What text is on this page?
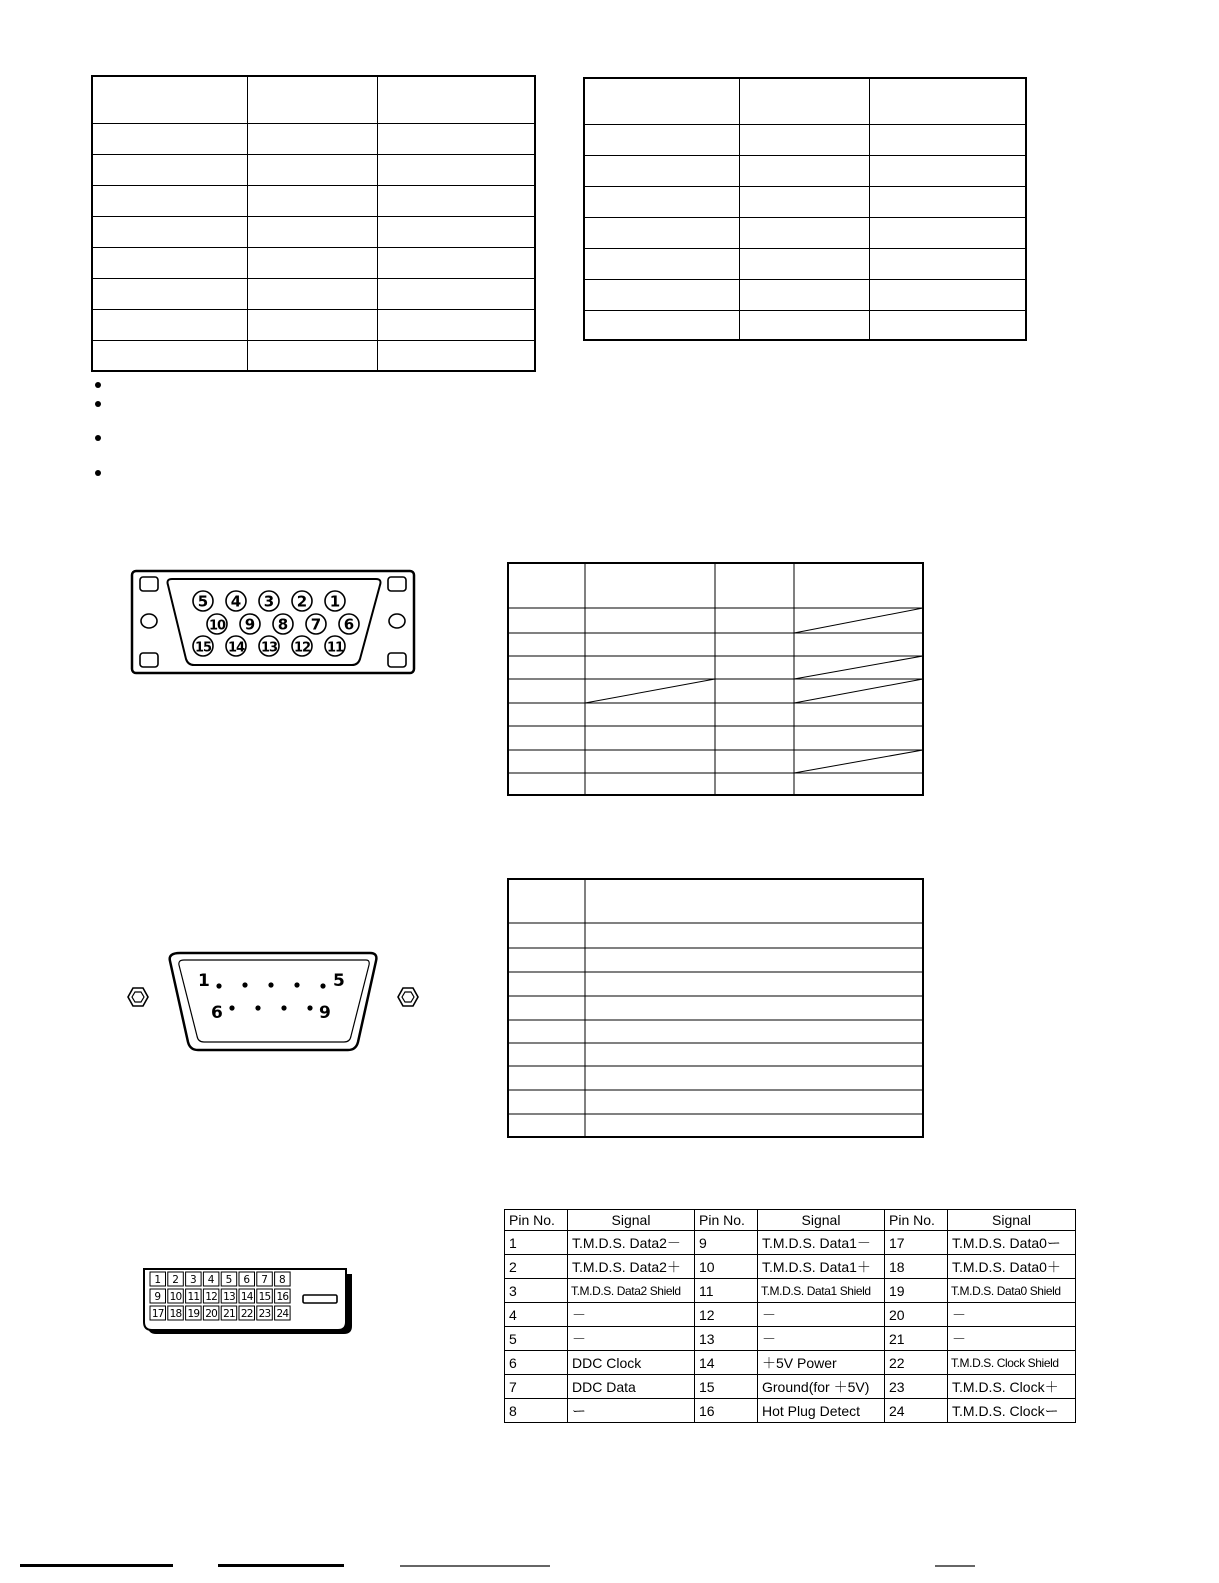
5 4 3 2 1
10 9 8 7 6
15 14 13 12 11
1	5
6	9
1 2 3 4 5 6 7 8
9 10 11 12 13 14 15 16
17 18 19 20 21 22 23 24
Pin No.	Signal	Pin No.	Signal	Pin No.	Signal
1	T.M.D.S. Data2－	9	T.M.D.S. Data1－	17	T.M.D.S. Data0ー
2	T.M.D.S. Data2＋	10	T.M.D.S. Data1＋	18	T.M.D.S. Data0＋
3	T.M.D.S. Data2 Shield	11	T.M.D.S. Data1 Shield	19	T.M.D.S. Data0 Shield
4	－	12	－	20	－
5	－	13	－	21	－
6	DDC Clock	14	＋5V Power	22	T.M.D.S. Clock Shield
7	DDC Data	15	Ground(for ＋5V)	23	T.M.D.S. Clock＋
8	ー	16	Hot Plug Detect	24	T.M.D.S. Clockー
